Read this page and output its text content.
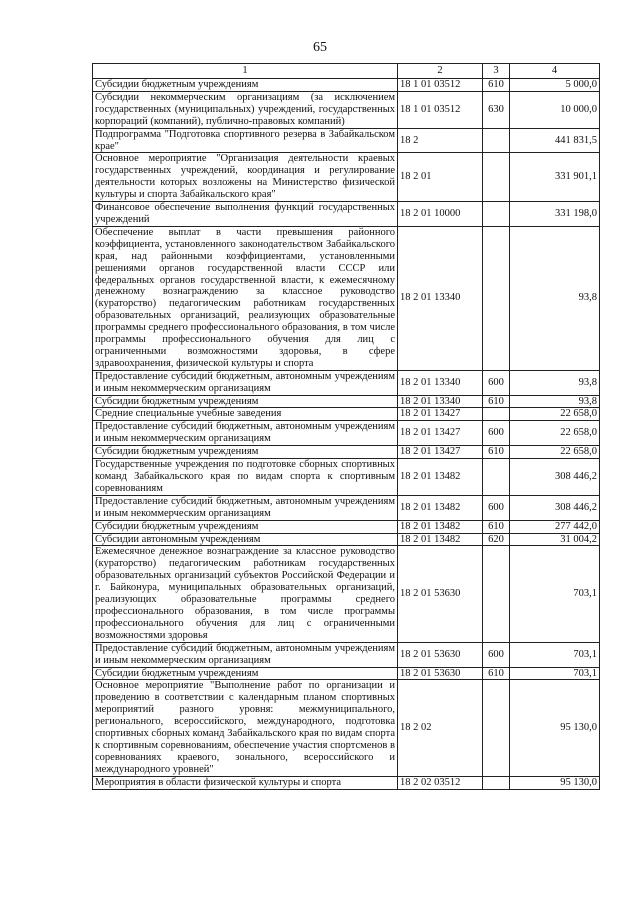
65
1	2	3	4
Субсидии бюджетным учреждениям	18 1 01 03512	610	5 000,0
Субсидии некоммерческим организациям (за исключением государственных (муниципальных) учреждений, государственных корпораций (компаний), публично-правовых компаний)	18 1 01 03512	630	10 000,0
Подпрограмма "Подготовка спортивного резерва в Забайкальском крае"	18 2		441 831,5
Основное мероприятие "Организация деятельности краевых государственных учреждений, координация и регулирование деятельности которых возложены на Министерство физической культуры и спорта Забайкальского края"	18 2 01		331 901,1
Финансовое обеспечение выполнения функций государственных учреждений	18 2 01 10000		331 198,0
Обеспечение выплат в части превышения районного коэффициента, установленного законодательством Забайкальского края, над районными коэффициентами, установленными решениями органов государственной власти СССР или федеральных органов государственной власти, к ежемесячному денежному вознаграждению за классное руководство (кураторство) педагогическим работникам государственных образовательных организаций, реализующих образовательные программы среднего профессионального образования, в том числе программы профессионального обучения для лиц с ограниченными возможностями здоровья, в сфере здравоохранения, физической культуры и спорта	18 2 01 13340		93,8
Предоставление субсидий бюджетным, автономным учреждениям и иным некоммерческим организациям	18 2 01 13340	600	93,8
Субсидии бюджетным учреждениям	18 2 01 13340	610	93,8
Средние специальные учебные заведения	18 2 01 13427		22 658,0
Предоставление субсидий бюджетным, автономным учреждениям и иным некоммерческим организациям	18 2 01 13427	600	22 658,0
Субсидии бюджетным учреждениям	18 2 01 13427	610	22 658,0
Государственные учреждения по подготовке сборных спортивных команд Забайкальского края по видам спорта к спортивным соревнованиям	18 2 01 13482		308 446,2
Предоставление субсидий бюджетным, автономным учреждениям и иным некоммерческим организациям	18 2 01 13482	600	308 446,2
Субсидии бюджетным учреждениям	18 2 01 13482	610	277 442,0
Субсидии автономным учреждениям	18 2 01 13482	620	31 004,2
Ежемесячное денежное вознаграждение за классное руководство (кураторство) педагогическим работникам государственных образовательных организаций субъектов Российской Федерации и г. Байконура, муниципальных образовательных организаций, реализующих образовательные программы среднего профессионального образования, в том числе программы профессионального обучения для лиц с ограниченными возможностями здоровья	18 2 01 53630		703,1
Предоставление субсидий бюджетным, автономным учреждениям и иным некоммерческим организациям	18 2 01 53630	600	703,1
Субсидии бюджетным учреждениям	18 2 01 53630	610	703,1
Основное мероприятие "Выполнение работ по организации и проведению в соответствии с календарным планом спортивных мероприятий разного уровня: межмуниципального, регионального, всероссийского, международного, подготовка спортивных сборных команд Забайкальского края по видам спорта к спортивным соревнованиям, обеспечение участия спортсменов в соревнованиях краевого, зонального, всероссийского и международного уровней"	18 2 02		95 130,0
Мероприятия в области физической культуры и спорта	18 2 02 03512		95 130,0
